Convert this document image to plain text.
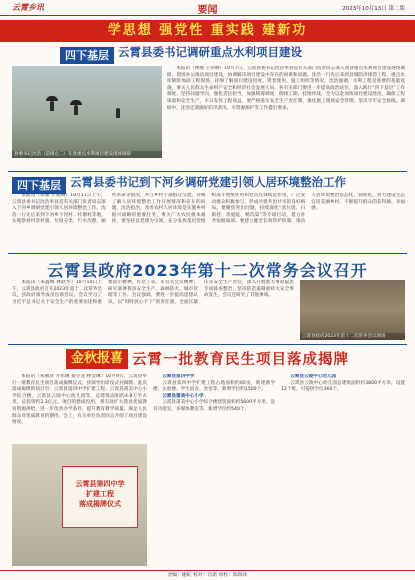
云霄乡讯	要闻	2023年10月13日 第二版
学思想 强党性 重实践 建新功
四下基层 云霄县委书记调研重点水利项目建设
县委书记沈浩（前排左二）在县重点水利项目建设现场调研

本报讯（林丽 王伟林）10月7日，云霄县委书记沈浩率县直有关部门负责同志深入我县重点水利项目建设现场调研，现场办公推动项目建设，协调解决项目建设中存在的困难和问题。沈浩一行先后来到县城防洪排涝工程、重点水库除险加固工程现场，详细了解项目建设进度、资金使用、施工组织等情况。沈浩强调，水利工程是重要的基础设施，事关人民群众生命财产安全和经济社会发展大局。各有关部门要进一步提高政治站位，深入践行“四下基层”工作制度，坚持问题导向，强化责任担当，加强统筹调度，倒排工期、挂图作战，全力以赴加快项目建设进度，确保工程质量和安全生产，早日发挥工程效益。要严格落实安全生产责任制，强化施工现场安全管理，坚决守牢安全底线。调研中，沈浩还就做好防汛备汛、水资源保护等工作提出要求。

四下基层 云霄县委书记到下河乡调研党建引领人居环境整治工作

本报讯（郑强 庄晓琳）10月11日上午，云霄县委书记沈浩率县直有关部门负责同志深入下河乡调研党建引领人居环境整治工作。沈浩一行先后来到下河乡下河村、杜塘村等地，实地察看村容村貌、垃圾分类、污水治理、厕所革命等情况，并与乡村干部群众交流，详细了解人居环境整治工作开展情况和存在的问题。沈浩指出，改善农村人居环境是实施乡村振兴战略的重要任务，事关广大农民根本福祉。要坚持以党建为引领，充分发挥基层党组织战斗堡垒作用和党员先锋模范作用，广泛发动群众积极参与，形成共建共治共享的良好格局。要聚焦突出问题，持续深化“清垃圾、扫街巷、净庭院、畅沟渠”等专项行动，着力补齐短板弱项。要建立健全长效管护机制，推动人居环境整治常态化、制度化，努力建设生态宜居美丽乡村，不断提升群众的获得感、幸福感。

云霄县政府2023年第十二次常务会议召开

本报讯（朱鑫峰 林耿华）10月10日上午，云霄县政府召开2023年第十二次常务会议，县政府领导成员出席会议。会议学习了习近平总书记关于安全生产的重要论述和重要指示精神，传达了省、市有关会议精神；研究部署我县安全生产、森林防火、城市管理等工作。会议强调，要进一步提高思想认识，以“时时放心不下”的责任感，全面压紧压实安全生产责任，深入开展重大事故隐患专项排查整治，坚决防范遏制重特大安全事故发生。会议还研究了其他事项。

云霄县政府2023年第十二次常务会议现场
金秋报喜 云霄一批教育民生项目落成揭牌

本报讯（朱丽珍 方伟琳 蔡小龙 林莹琳）10月9日，云霄县举行一批教育民生项目落成揭牌仪式，县领导出席仪式并揭牌。此次落成揭牌的项目有：云霄县第四中学扩建工程、云霄县莆美中心小学综合楼、云霄县云陵中心幼儿园等，总建筑面积约4.8万平方米，总投资约2.3亿元。项目的建成投用，将有效扩大我县优质教育资源供给，进一步改善办学条件，提升教育教学质量，满足人民群众对优质教育的期待。会上，有关单位负责同志介绍了项目建设情况。

云霄县第四中学
扩建工程
落成揭牌仪式

云霄县第四中学

云霄县第四中学扩建工程占地面积约60亩，新建教学楼、实验楼、学生宿舍、食堂等，新增学位约1500个。

云霄县莆美中心小学

云霄县莆美中心小学综合楼建筑面积约5600平方米，设有功能室、多媒体教室等，新增学位约540个。

云霄县云陵中心幼儿园

云霄县云陵中心幼儿园总建筑面积约3800平方米，设置12个班，可提供学位360个。

责编：谢虹 校对：肖新 审校：陈瑞珍
